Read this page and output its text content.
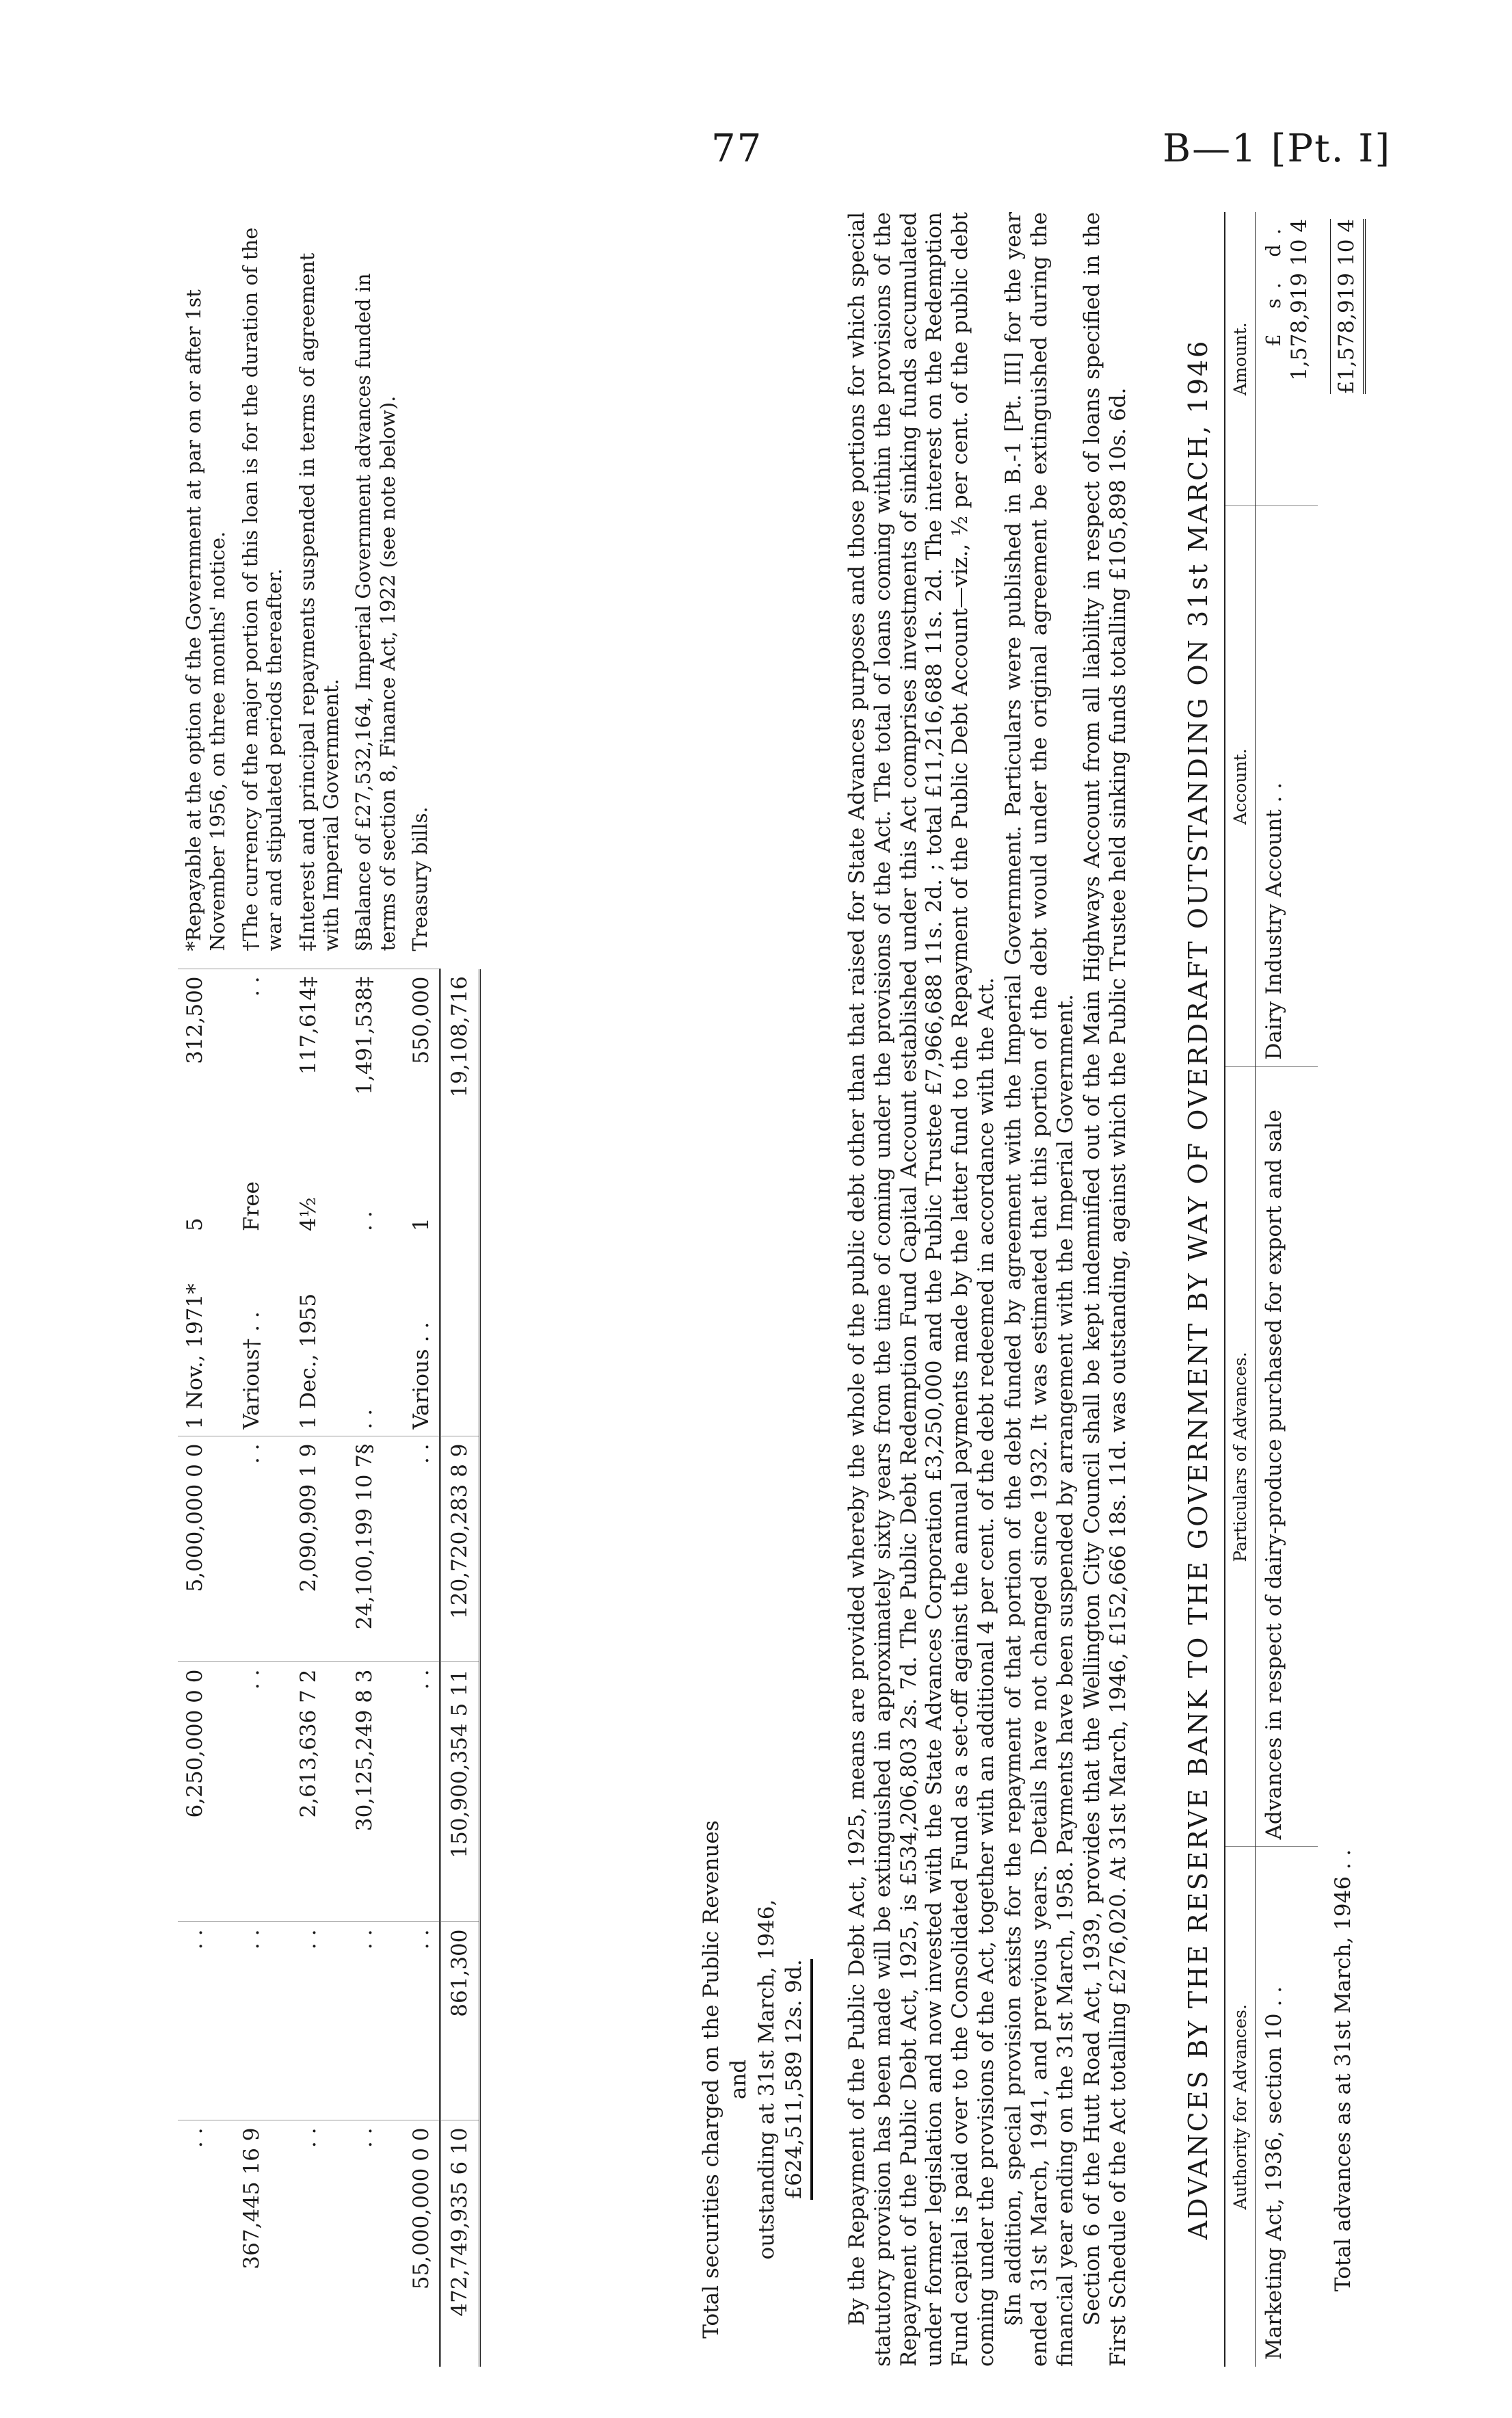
77	B—1 [Pt. I]
. .	. .	6,250,000 0 0	5,000,000 0 0	1 Nov., 1971*	5	312,500	*Repayable at the option of the Government at par on or after 1st November 1956, on three months' notice.
367,445 16 9	. .	. .	. .	Various† . .	Free	. .	†The currency of the major portion of this loan is for the duration of the war and stipulated periods thereafter.
. .	. .	2,613,636 7 2	2,090,909 1 9	1 Dec., 1955	4½	117,614‡	‡Interest and principal repayments suspended in terms of agreement with Imperial Government.
. .	. .	30,125,249 8 3	24,100,199 10 7§	. .	. .	1,491,538‡	§Balance of £27,532,164, Imperial Government advances funded in terms of section 8, Finance Act, 1922 (see note below).
55,000,000 0 0	. .	. .	. .	Various . .	1	550,000	Treasury bills.
472,749,935 6 10	861,300	150,900,354 5 11	120,720,283 8 9			19,108,716	
Total securities charged on the Public Revenues and outstanding at 31st March, 1946, £624,511,589 12s. 9d.	By the Repayment of the Public Debt Act, 1925, means are provided whereby the whole of the public debt other than that raised for State Advances purposes and those portions for which special statutory provision has been made will be extinguished in approximately sixty years from the time of coming under the provisions of the Act. The total of loans coming within the provisions of the Repayment of the Public Debt Act, 1925, is £534,206,803 2s. 7d. The Public Debt Redemption Fund Capital Account established under this Act comprises investments of sinking funds accumulated under former legislation and now invested with the State Advances Corporation £3,250,000 and the Public Trustee £7,966,688 11s. 2d. ; total £11,216,688 11s. 2d. The interest on the Redemption Fund capital is paid over to the Consolidated Fund as a set-off against the annual payments made by the latter fund to the Repayment of the Public Debt Account—viz., ½ per cent. of the public debt coming under the provisions of the Act, together with an additional 4 per cent. of the debt redeemed in accordance with the Act. §In addition, special provision exists for the repayment of that portion of the debt funded by agreement with the Imperial Government. Particulars were published in B.-1 [Pt. III] for the year ended 31st March, 1941, and previous years. Details have not changed since 1932. It was estimated that this portion of the debt would under the original agreement be extinguished during the financial year ending on the 31st March, 1958. Payments have been suspended by arrangement with the Imperial Government. Section 6 of the Hutt Road Act, 1939, provides that the Wellington City Council shall be kept indemnified out of the Main Highways Account from all liability in respect of loans specified in the First Schedule of the Act totalling £276,020. At 31st March, 1946, £152,666 18s. 11d. was outstanding, against which the Public Trustee held sinking funds totalling £105,898 10s. 6d. ADVANCES BY THE RESERVE BANK TO THE GOVERNMENT BY WAY OF OVERDRAFT OUTSTANDING ON 31st MARCH, 1946 Authority for Advances.	Particulars of Advances.	Account.	Amount.
Marketing Act, 1936, section 10 . .	Advances in respect of dairy-produce purchased for export and sale	Dairy Industry Account . .	£ s. d. 1,578,919 10 4

Total advances as at 31st March, 1946 . .			£1,578,919 10 4
